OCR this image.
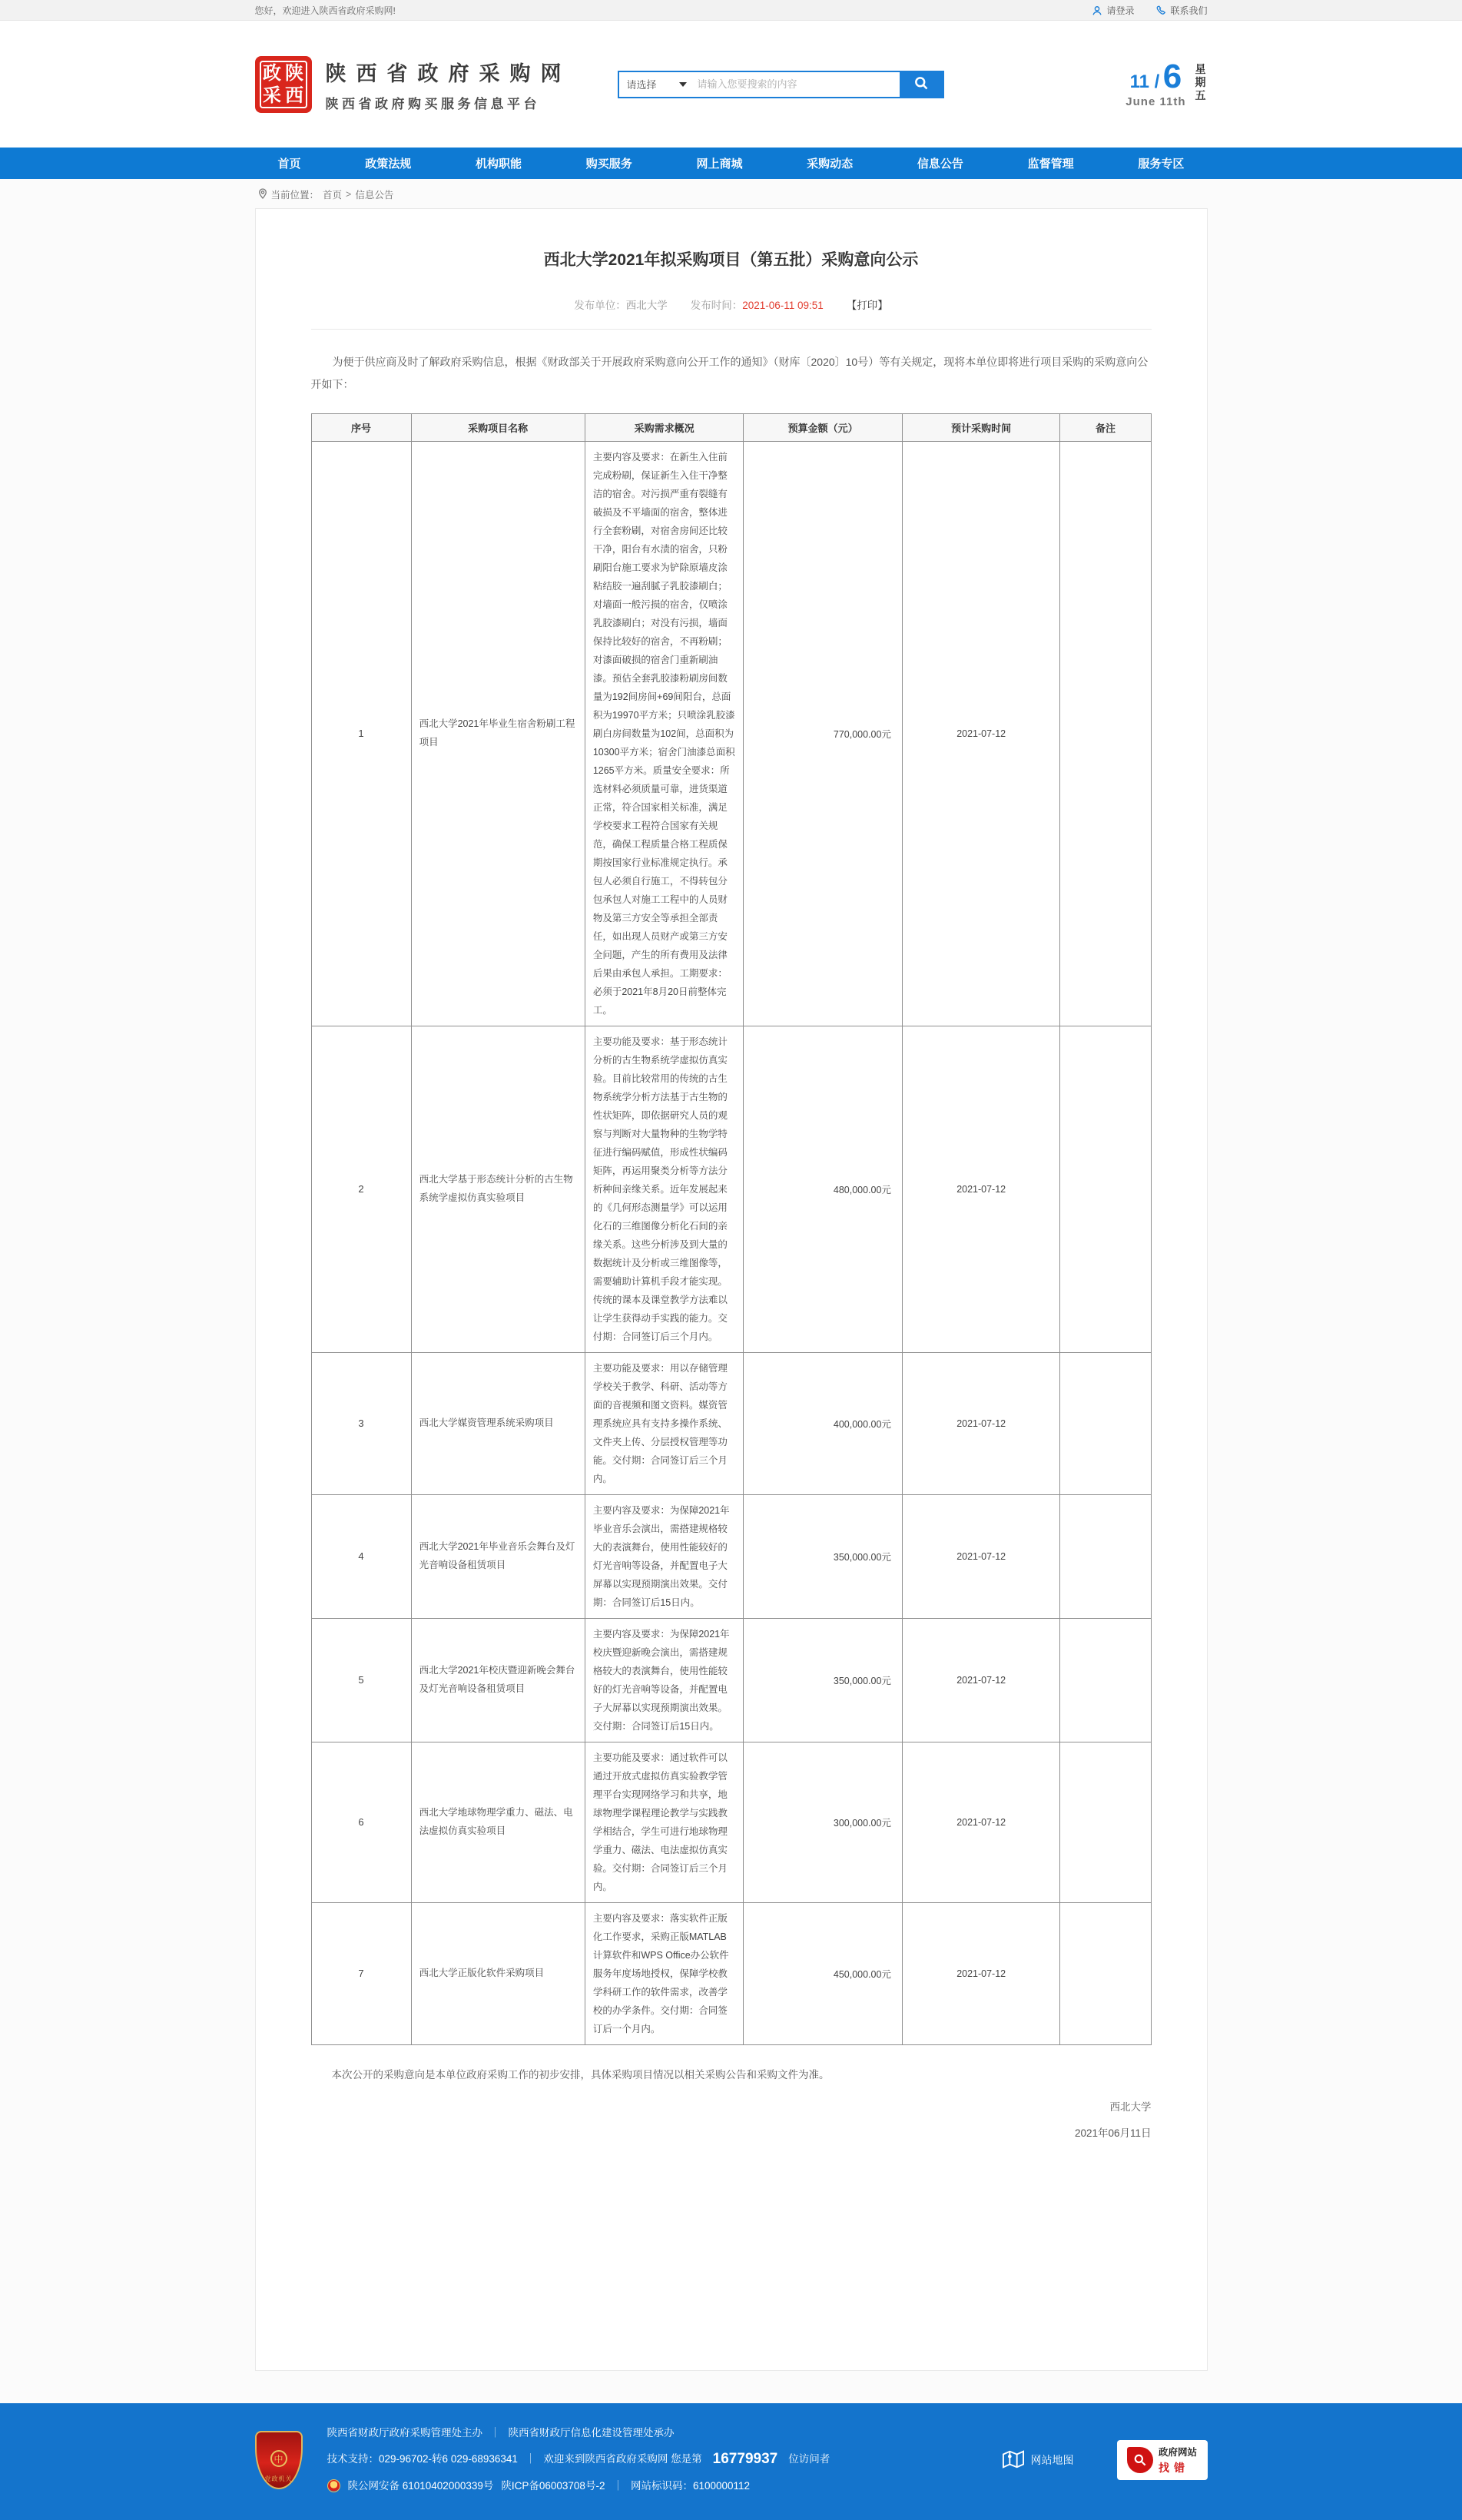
您好，欢迎进入陕西省政府采购网!	请登录	联系我们
政 陕
采 西
陕西省政府采购网
陕西省政府购买服务信息平台
请选择
请输入您要搜索的内容	11 / 6
June 11th
星期五
首页	政策法规	机构职能	购买服务	网上商城	采购动态	信息公告	监督管理	服务专区
当前位置： 首页 > 信息公告
西北大学2021年拟采购项目（第五批）采购意向公示
发布单位：西北大学 发布时间：2021-06-11 09:51 【打印】

为便于供应商及时了解政府采购信息，根据《财政部关于开展政府采购意向公开工作的通知》（财库〔2020〕10号）等有关规定，现将本单位即将进行项目采购的采购意向公开如下：

序号	采购项目名称	采购需求概况	预算金额（元）	预计采购时间	备注
1	西北大学2021年毕业生宿舍粉刷工程项目	主要内容及要求：在新生入住前完成粉刷，保证新生入住干净整洁的宿舍。对污损严重有裂缝有破损及不平墙面的宿舍，整体进行全套粉刷，对宿舍房间还比较干净，阳台有水渍的宿舍，只粉刷阳台施工要求为铲除原墙皮涂粘结胶一遍刮腻子乳胶漆刷白；对墙面一般污损的宿舍，仅喷涂乳胶漆刷白；对没有污损，墙面保持比较好的宿舍，不再粉刷；对漆面破损的宿舍门重新刷油漆。预估全套乳胶漆粉刷房间数量为192间房间+69间阳台，总面积为19970平方米；只喷涂乳胶漆刷白房间数量为102间，总面积为10300平方米；宿舍门油漆总面积1265平方米。质量安全要求：所选材料必须质量可靠，进货渠道正常，符合国家相关标准，满足学校要求工程符合国家有关规范，确保工程质量合格工程质保期按国家行业标准规定执行。承包人必须自行施工，不得转包分包承包人对施工工程中的人员财物及第三方安全等承担全部责任，如出现人员财产或第三方安全问题，产生的所有费用及法律后果由承包人承担。工期要求：必须于2021年8月20日前整体完工。	770,000.00元	2021-07-12	
2	西北大学基于形态统计分析的古生物系统学虚拟仿真实验项目	主要功能及要求：基于形态统计分析的古生物系统学虚拟仿真实验。目前比较常用的传统的古生物系统学分析方法基于古生物的性状矩阵，即依据研究人员的观察与判断对大量物种的生物学特征进行编码赋值，形成性状编码矩阵，再运用聚类分析等方法分析种间亲缘关系。近年发展起来的《几何形态测量学》可以运用化石的三维图像分析化石间的亲缘关系。这些分析涉及到大量的数据统计及分析或三维图像等，需要辅助计算机手段才能实现。传统的课本及课堂教学方法难以让学生获得动手实践的能力。交付期：合同签订后三个月内。	480,000.00元	2021-07-12	
3	西北大学媒资管理系统采购项目	主要功能及要求：用以存储管理学校关于教学、科研、活动等方面的音视频和图文资料。媒资管理系统应具有支持多操作系统、文件夹上传、分层授权管理等功能。交付期：合同签订后三个月内。	400,000.00元	2021-07-12	
4	西北大学2021年毕业音乐会舞台及灯光音响设备租赁项目	主要内容及要求：为保障2021年毕业音乐会演出，需搭建规格较大的表演舞台，使用性能较好的灯光音响等设备，并配置电子大屏幕以实现预期演出效果。交付期：合同签订后15日内。	350,000.00元	2021-07-12	
5	西北大学2021年校庆暨迎新晚会舞台及灯光音响设备租赁项目	主要内容及要求：为保障2021年校庆暨迎新晚会演出，需搭建规格较大的表演舞台，使用性能较好的灯光音响等设备，并配置电子大屏幕以实现预期演出效果。交付期：合同签订后15日内。	350,000.00元	2021-07-12	
6	西北大学地球物理学重力、磁法、电法虚拟仿真实验项目	主要功能及要求：通过软件可以通过开放式虚拟仿真实验教学管理平台实现网络学习和共享，地球物理学课程理论教学与实践教学相结合，学生可进行地球物理学重力、磁法、电法虚拟仿真实验。交付期：合同签订后三个月内。	300,000.00元	2021-07-12	
7	西北大学正版化软件采购项目	主要内容及要求：落实软件正版化工作要求，采购正版MATLAB计算软件和WPS Office办公软件服务年度场地授权，保障学校教学科研工作的软件需求，改善学校的办学条件。交付期：合同签订后一个月内。	450,000.00元	2021-07-12	

本次公开的采购意向是本单位政府采购工作的初步安排，具体采购项目情况以相关采购公告和采购文件为准。

西北大学
2021年06月11日
中
党政机关
陕西省财政厅政府采购管理处主办 ｜ 陕西省财政厅信息化建设管理处承办
技术支持：029-96702-转6 029-68936341 ｜ 欢迎来到陕西省政府采购网 您是第 16779937 位访问者
陕公网安备 61010402000339号 陕ICP备06003708号-2 ｜ 网站标识码：6100000112
网站地图
政府网站
找错
